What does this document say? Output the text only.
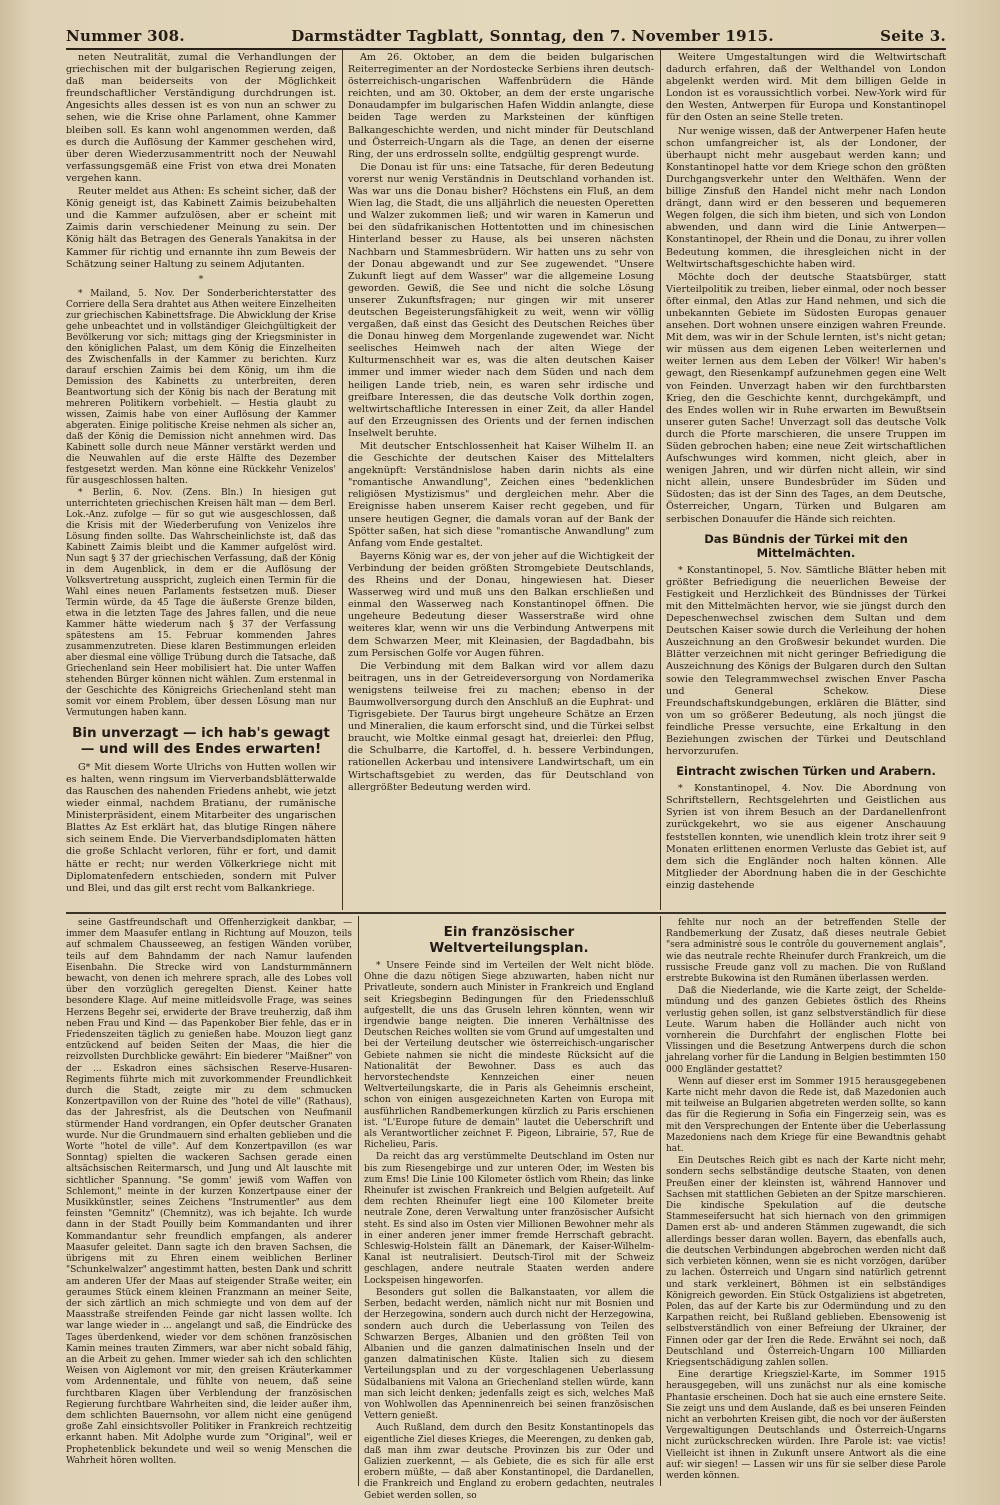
Nummer 308.	Darmstädter Tagblatt, Sonntag, den 7. November 1915.	Seite 3.

neten Neutralität, zumal die Verhandlungen der griechischen mit der bulgarischen Regierung zeigen, daß man beiderseits von der Möglichkeit freundschaftlicher Verständigung durchdrungen ist. Angesichts alles dessen ist es von nun an schwer zu sehen, wie die Krise ohne Parlament, ohne Kammer bleiben soll. Es kann wohl angenommen werden, daß es durch die Auflösung der Kammer geschehen wird, über deren Wiederzusammentritt noch der Neuwahl verfassungsgemäß eine Frist von etwa drei Monaten vergehen kann.

Reuter meldet aus Athen: Es scheint sicher, daß der König geneigt ist, das Kabinett Zaimis beizubehalten und die Kammer aufzulösen, aber er scheint mit Zaimis darin verschiedener Meinung zu sein. Der König hält das Betragen des Generals Yanakitsa in der Kammer für richtig und ernannte ihn zum Beweis der Schätzung seiner Haltung zu seinem Adjutanten.

*

* Mailand, 5. Nov. Der Sonderberichterstatter des Corriere della Sera drahtet aus Athen weitere Einzelheiten zur griechischen Kabinettsfrage. Die Abwicklung der Krise gehe unbeachtet und in vollständiger Gleichgültigkeit der Bevölkerung vor sich; mittags ging der Kriegsminister in den königlichen Palast, um dem König die Einzelheiten des Zwischenfalls in der Kammer zu berichten. Kurz darauf erschien Zaimis bei dem König, um ihm die Demission des Kabinetts zu unterbreiten, deren Beantwortung sich der König bis nach der Beratung mit mehreren Politikern vorbehielt. — Hestia glaubt zu wissen, Zaimis habe von einer Auflösung der Kammer abgeraten. Einige politische Kreise nehmen als sicher an, daß der König die Demission nicht annehmen wird. Das Kabinett solle durch neue Männer verstärkt werden und die Neuwahlen auf die erste Hälfte des Dezember festgesetzt werden. Man könne eine Rückkehr Venizelos' für ausgeschlossen halten.

* Berlin, 6. Nov. (Zens. Bln.) In hiesigen gut unterrichteten griechischen Kreisen hält man — dem Berl. Lok.-Anz. zufolge — für so gut wie ausgeschlossen, daß die Krisis mit der Wiederberufung von Venizelos ihre Lösung finden sollte. Das Wahrscheinlichste ist, daß das Kabinett Zaimis bleibt und die Kammer aufgelöst wird. Nun sagt § 37 der griechischen Verfassung, daß der König in dem Augenblick, in dem er die Auflösung der Volksvertretung ausspricht, zugleich einen Termin für die Wahl eines neuen Parlaments festsetzen muß. Dieser Termin würde, da 45 Tage die äußerste Grenze bilden, etwa in die letzten Tage des Jahres fallen, und die neue Kammer hätte wiederum nach § 37 der Verfassung spätestens am 15. Februar kommenden Jahres zusammenzutreten. Diese klaren Bestimmungen erleiden aber diesmal eine völlige Trübung durch die Tatsache, daß Griechenland sein Heer mobilisiert hat. Die unter Waffen stehenden Bürger können nicht wählen. Zum erstenmal in der Geschichte des Königreichs Griechenland steht man somit vor einem Problem, über dessen Lösung man nur Vermutungen haben kann.

Bin unverzagt — ich hab's gewagt — und will des Endes erwarten!

G* Mit diesem Worte Ulrichs von Hutten wollen wir es halten, wenn ringsum im Vierverbandsblätterwalde das Rauschen des nahenden Friedens anhebt, wie jetzt wieder einmal, nachdem Bratianu, der rumänische Ministerpräsident, einem Mitarbeiter des ungarischen Blattes Az Est erklärt hat, das blutige Ringen nähere sich seinem Ende. Die Vierverbandsdiplomaten hätten die große Schlacht verloren, führ er fort, und damit hätte er recht; nur werden Völkerkriege nicht mit Diplomatenfedern entschieden, sondern mit Pulver und Blei, und das gilt erst recht vom Balkankriege.

Am 26. Oktober, an dem die beiden bulgarischen Reiterregimenter an der Nordostecke Serbiens ihren deutsch-österreichisch-ungarischen Waffenbrüdern die Hände reichten, und am 30. Oktober, an dem der erste ungarische Donaudampfer im bulgarischen Hafen Widdin anlangte, diese beiden Tage werden zu Marksteinen der künftigen Balkangeschichte werden, und nicht minder für Deutschland und Österreich-Ungarn als die Tage, an denen der eiserne Ring, der uns erdrosseln sollte, endgültig gesprengt wurde.

Die Donau ist für uns: eine Tatsache, für deren Bedeutung vorerst nur wenig Verständnis in Deutschland vorhanden ist. Was war uns die Donau bisher? Höchstens ein Fluß, an dem Wien lag, die Stadt, die uns alljährlich die neuesten Operetten und Walzer zukommen ließ; und wir waren in Kamerun und bei den südafrikanischen Hottentotten und im chinesischen Hinterland besser zu Hause, als bei unseren nächsten Nachbarn und Stammesbrüdern. Wir hatten uns zu sehr von der Donau abgewandt und zur See zugewendet. "Unsere Zukunft liegt auf dem Wasser" war die allgemeine Losung geworden. Gewiß, die See und nicht die solche Lösung unserer Zukunftsfragen; nur gingen wir mit unserer deutschen Begeisterungsfähigkeit zu weit, wenn wir völlig vergaßen, daß einst das Gesicht des Deutschen Reiches über die Donau hinweg dem Morgenlande zugewendet war. Nicht seelisches Heimweh nach der alten Wiege der Kulturmenschheit war es, was die alten deutschen Kaiser immer und immer wieder nach dem Süden und nach dem heiligen Lande trieb, nein, es waren sehr irdische und greifbare Interessen, die das deutsche Volk dorthin zogen, weltwirtschaftliche Interessen in einer Zeit, da aller Handel auf den Erzeugnissen des Orients und der fernen indischen Inselwelt beruhte.

Mit deutscher Entschlossenheit hat Kaiser Wilhelm II. an die Geschichte der deutschen Kaiser des Mittelalters angeknüpft: Verständnislose haben darin nichts als eine "romantische Anwandlung", Zeichen eines "bedenklichen religiösen Mystizismus" und dergleichen mehr. Aber die Ereignisse haben unserem Kaiser recht gegeben, und für unsere heutigen Gegner, die damals voran auf der Bank der Spötter saßen, hat sich diese "romantische Anwandlung" zum Anfang vom Ende gestaltet.

Bayerns König war es, der von jeher auf die Wichtigkeit der Verbindung der beiden größten Stromgebiete Deutschlands, des Rheins und der Donau, hingewiesen hat. Dieser Wasserweg wird und muß uns den Balkan erschließen und einmal den Wasserweg nach Konstantinopel öffnen. Die ungeheure Bedeutung dieser Wasserstraße wird ohne weiteres klar, wenn wir uns die Verbindung Antwerpens mit dem Schwarzen Meer, mit Kleinasien, der Bagdadbahn, bis zum Persischen Golfe vor Augen führen.

Die Verbindung mit dem Balkan wird vor allem dazu beitragen, uns in der Getreideversorgung von Nordamerika wenigstens teilweise frei zu machen; ebenso in der Baumwollversorgung durch den Anschluß an die Euphrat- und Tigrisgebiete. Der Taurus birgt ungeheure Schätze an Erzen und Mineralien, die kaum erforscht sind, und die Türkei selbst braucht, wie Moltke einmal gesagt hat, dreierlei: den Pflug, die Schulbarre, die Kartoffel, d. h. bessere Verbindungen, rationellen Ackerbau und intensivere Landwirtschaft, um ein Wirtschaftsgebiet zu werden, das für Deutschland von allergrößter Bedeutung werden wird.

Weitere Umgestaltungen wird die Weltwirtschaft dadurch erfahren, daß der Welthandel von London abgelenkt werden wird. Mit dem billigen Gelde in London ist es voraussichtlich vorbei. New-York wird für den Westen, Antwerpen für Europa und Konstantinopel für den Osten an seine Stelle treten.

Nur wenige wissen, daß der Antwerpener Hafen heute schon umfangreicher ist, als der Londoner, der überhaupt nicht mehr ausgebaut werden kann; und Konstantinopel hatte vor dem Kriege schon den größten Durchgangsverkehr unter den Welthäfen. Wenn der billige Zinsfuß den Handel nicht mehr nach London drängt, dann wird er den besseren und bequemeren Wegen folgen, die sich ihm bieten, und sich von London abwenden, und dann wird die Linie Antwerpen—Konstantinopel, der Rhein und die Donau, zu ihrer vollen Bedeutung kommen, die ihresgleichen nicht in der Weltwirtschaftsgeschichte haben wird.

Möchte doch der deutsche Staatsbürger, statt Vierteilpolitik zu treiben, lieber einmal, oder noch besser öfter einmal, den Atlas zur Hand nehmen, und sich die unbekannten Gebiete im Südosten Europas genauer ansehen. Dort wohnen unsere einzigen wahren Freunde. Mit dem, was wir in der Schule lernten, ist's nicht getan; wir müssen aus dem eigenen Leben weiterlernen und weiter lernen aus dem Leben der Völker! Wir haben's gewagt, den Riesenkampf aufzunehmen gegen eine Welt von Feinden. Unverzagt haben wir den furchtbarsten Krieg, den die Geschichte kennt, durchgekämpft, und des Endes wollen wir in Ruhe erwarten im Bewußtsein unserer guten Sache! Unverzagt soll das deutsche Volk durch die Pforte marschieren, die unsere Truppen im Süden gebrochen haben; eine neue Zeit wirtschaftlichen Aufschwunges wird kommen, nicht gleich, aber in wenigen Jahren, und wir dürfen nicht allein, wir sind nicht allein, unsere Bundesbrüder im Süden und Südosten; das ist der Sinn des Tages, an dem Deutsche, Österreicher, Ungarn, Türken und Bulgaren am serbischen Donauufer die Hände sich reichten.

Das Bündnis der Türkei mit den Mittelmächten.

* Konstantinopel, 5. Nov. Sämtliche Blätter heben mit größter Befriedigung die neuerlichen Beweise der Festigkeit und Herzlichkeit des Bündnisses der Türkei mit den Mittelmächten hervor, wie sie jüngst durch den Depeschenwechsel zwischen dem Sultan und dem Deutschen Kaiser sowie durch die Verleihung der hohen Auszeichnung an den Großwesir bekundet wurden. Die Blätter verzeichnen mit nicht geringer Befriedigung die Auszeichnung des Königs der Bulgaren durch den Sultan sowie den Telegrammwechsel zwischen Enver Pascha und General Schekow. Diese Freundschaftskundgebungen, erklären die Blätter, sind von um so größerer Bedeutung, als noch jüngst die feindliche Presse versuchte, eine Erkaltung in den Beziehungen zwischen der Türkei und Deutschland hervorzurufen.

Eintracht zwischen Türken und Arabern.

* Konstantinopel, 4. Nov. Die Abordnung von Schriftstellern, Rechtsgelehrten und Geistlichen aus Syrien ist von ihrem Besuch an der Dardanellenfront zurückgekehrt, wo sie aus eigener Anschauung feststellen konnten, wie unendlich klein trotz ihrer seit 9 Monaten erlittenen enormen Verluste das Gebiet ist, auf dem sich die Engländer noch halten können. Alle Mitglieder der Abordnung haben die in der Geschichte einzig dastehende

seine Gastfreundschaft und Offenherzigkeit dankbar, — immer dem Maasufer entlang in Richtung auf Mouzon, teils auf schmalem Chausseeweg, an festigen Wänden vorüber, teils auf dem Bahndamm der nach Namur laufenden Eisenbahn. Die Strecke wird von Landsturmmännern bewacht, von denen ich mehrere sprach, alle des Lobes voll über den vorzüglich geregelten Dienst. Keiner hatte besondere Klage. Auf meine mitleidsvolle Frage, was seines Herzens Begehr sei, erwiderte der Brave treuherzig, daß ihm neben Frau und Kind — das Papenkober Bier fehle, das er in Friedenszeiten täglich zu genießen habe. Mouzon liegt ganz entzückend auf beiden Seiten der Maas, die hier die reizvollsten Durchblicke gewährt: Ein biederer "Maißner" von der ... Eskadron eines sächsischen Reserve-Husaren-Regiments führte mich mit zuvorkommender Freundlichkeit durch die Stadt, zeigte mir zu dem schmucken Konzertpavillon von der Ruine des "hotel de ville" (Rathaus), das der Jahresfrist, als die Deutschen von Neufmanil stürmender Hand vordrangen, ein Opfer deutscher Granaten wurde. Nur die Grundmauern sind erhalten geblieben und die Worte "hotel de ville". Auf dem Konzertpavillon (es war Sonntag) spielten die wackeren Sachsen gerade einen altsächsischen Reitermarsch, und Jung und Alt lauschte mit sichtlicher Spannung. "Se gomm' jewiß vom Waffen von Schlemont," meinte in der kurzen Konzertpause einer der Musikkünstler, seines Zeichens "Instrumentler" aus dem feinsten "Gemnitz" (Chemnitz), was ich bejahte. Ich wurde dann in der Stadt Pouilly beim Kommandanten und ihrer Kommandantur sehr freundlich empfangen, als anderer Maasufer geleitet. Dann sagte ich den braven Sachsen, die übrigens mit zu Ehren einem weiblichen Berliner "Schunkelwalzer" angestimmt hatten, besten Dank und schritt am anderen Ufer der Maas auf steigender Straße weiter, ein geraumes Stück einem kleinen Franzmann an meiner Seite, der sich zärtlich an mich schmiegte und von dem auf der Maasstraße streifenden Feinde gar nicht lassen wollte. Ich war lange wieder in ... angelangt und saß, die Eindrücke des Tages überdenkend, wieder vor dem schönen französischen Kamin meines trauten Zimmers, war aber nicht sobald fähig, an die Arbeit zu gehen. Immer wieder sah ich den schlichten Weisen von Aiglemont vor mir, den greisen Kräuterkammer vom Ardennentale, und fühlte von neuem, daß seine furchtbaren Klagen über Verblendung der französischen Regierung furchtbare Wahrheiten sind, die leider außer ihm, dem schlichten Bauernsohn, vor allem nicht eine genügend große Zahl einsichtsvoller Politiker in Frankreich rechtzeitig erkannt haben. Mit Adolphe wurde zum "Original", weil er Prophetenblick bekundete und weil so wenig Menschen die Wahrheit hören wollten.

Ein französischer Weltverteilungsplan.

* Unsere Feinde sind im Verteilen der Welt nicht blöde. Ohne die dazu nötigen Siege abzuwarten, haben nicht nur Privatleute, sondern auch Minister in Frankreich und England seit Kriegsbeginn Bedingungen für den Friedensschluß aufgestellt, die uns das Gruseln lehren könnten, wenn wir irgendwie bange neigten. Die inneren Verhältnisse des Deutschen Reiches wollten sie vom Grund auf umgestalten und bei der Verteilung deutscher wie österreichisch-ungarischer Gebiete nahmen sie nicht die mindeste Rücksicht auf die Nationalität der Bewohner. Dass es auch das hervorstechendste Kennzeichen einer neuen Weltverteilungskarte, die in Paris als Geheimnis erscheint, schon von einigen ausgezeichneten Karten von Europa mit ausführlichen Randbemerkungen kürzlich zu Paris erschienen ist. "L'Europe future de demain" lautet die Ueberschrift und als Verantwortlicher zeichnet F. Pigeon, Librairie, 57, Rue de Richelieu, Paris.

Da reicht das arg verstümmelte Deutschland im Osten nur bis zum Riesengebirge und zur unteren Oder, im Westen bis zum Ems! Die Linie 100 Kilometer östlich vom Rhein; das linke Rheinufer ist zwischen Frankreich und Belgien aufgeteilt. Auf dem rechten Rheinufer liegt eine 100 Kilometer breite neutrale Zone, deren Verwaltung unter französischer Aufsicht steht. Es sind also im Osten vier Millionen Bewohner mehr als in einer anderen jener immer fremde Herrschaft gebracht. Schleswig-Holstein fällt an Dänemark, der Kaiser-Wilhelm-Kanal ist neutralisiert. Deutsch-Tirol mit der Schweiz geschlagen, andere neutrale Staaten werden andere Lockspeisen hingeworfen.

Besonders gut sollen die Balkanstaaten, vor allem die Serben, bedacht werden, nämlich nicht nur mit Bosnien und der Herzegowina, sondern auch durch nicht der Herzegowina, sondern auch durch die Ueberlassung von Teilen des Schwarzen Berges, Albanien und den größten Teil von Albanien und die ganzen dalmatinischen Inseln und der ganzen dalmatinischen Küste. Italien sich zu diesem Verteilungsplan und zu der vorgeschlagenen Ueberlassung Südalbaniens mit Valona an Griechenland stellen würde, kann man sich leicht denken; jedenfalls zeigt es sich, welches Maß von Wohlwollen das Apenninenreich bei seinen französischen Vettern genießt.

Auch Rußland, dem durch den Besitz Konstantinopels das eigentliche Ziel dieses Krieges, die Meerengen, zu denken gab, daß man ihm zwar deutsche Provinzen bis zur Oder und Galizien zuerkennt, — als Gebiete, die es sich für alle erst erobern müßte, — daß aber Konstantinopel, die Dardanellen, die Frankreich und England zu erobern gedachten, neutrales Gebiet werden sollen, so

fehlte nur noch an der betreffenden Stelle der Randbemerkung der Zusatz, daß dieses neutrale Gebiet "sera administré sous le contrôle du gouvernement anglais", wie das neutrale rechte Rheinufer durch Frankreich, um die russische Freude ganz voll zu machen. Die von Rußland erstrebte Bukowina ist den Rumänen überlassen werden.

Daß die Niederlande, wie die Karte zeigt, der Schelde-mündung und des ganzen Gebietes östlich des Rheins verlustig gehen sollen, ist ganz selbstverständlich für diese Leute. Warum haben die Holländer auch nicht von vornherein die Durchfahrt der englischen Flotte bei Vlissingen und die Besetzung Antwerpens durch die schon jahrelang vorher für die Landung in Belgien bestimmten 150 000 Engländer gestattet?

Wenn auf dieser erst im Sommer 1915 herausgegebenen Karte nicht mehr davon die Rede ist, daß Mazedonien auch mit teilweise an Bulgarien abgetreten werden sollte, so kann das für die Regierung in Sofia ein Fingerzeig sein, was es mit den Versprechungen der Entente über die Ueberlassung Mazedoniens nach dem Kriege für eine Bewandtnis gehabt hat.

Ein Deutsches Reich gibt es nach der Karte nicht mehr, sondern sechs selbständige deutsche Staaten, von denen Preußen einer der kleinsten ist, während Hannover und Sachsen mit stattlichen Gebieten an der Spitze marschieren. Die kindische Spekulation auf die deutsche Stammeseifersucht hat sich hiernach von den grimmigen Damen erst ab- und anderen Stämmen zugewandt, die sich allerdings besser daran wollen. Bayern, das ebenfalls auch, die deutschen Verbindungen abgebrochen werden nicht daß sich verbieten können, wenn sie es nicht vorzögen, darüber zu lachen. Österreich und Ungarn sind natürlich getrennt und stark verkleinert, Böhmen ist ein selbständiges Königreich geworden. Ein Stück Ostgaliziens ist abgetreten, Polen, das auf der Karte bis zur Odermündung und zu den Karpathen reicht, bei Rußland geblieben. Ebensowenig ist selbstverständlich von einer Befreiung der Ukrainer, der Finnen oder gar der Iren die Rede. Erwähnt sei noch, daß Deutschland und Österreich-Ungarn 100 Milliarden Kriegsentschädigung zahlen sollen.

Eine derartige Kriegsziel-Karte, im Sommer 1915 herausgegeben, will uns zunächst nur als eine komische Phantasie erscheinen. Doch hat sie auch eine ernstere Seite. Sie zeigt uns und dem Auslande, daß es bei unseren Feinden nicht an verbohrten Kreisen gibt, die noch vor der äußersten Vergewaltigungen Deutschlands und Österreich-Ungarns nicht zurückschrecken würden. Ihre Parole ist: vae victis! Vielleicht ist ihnen in Zukunft unsere Antwort als die eine auf: wir siegen! — Lassen wir uns für sie selber diese Parole werden können.
